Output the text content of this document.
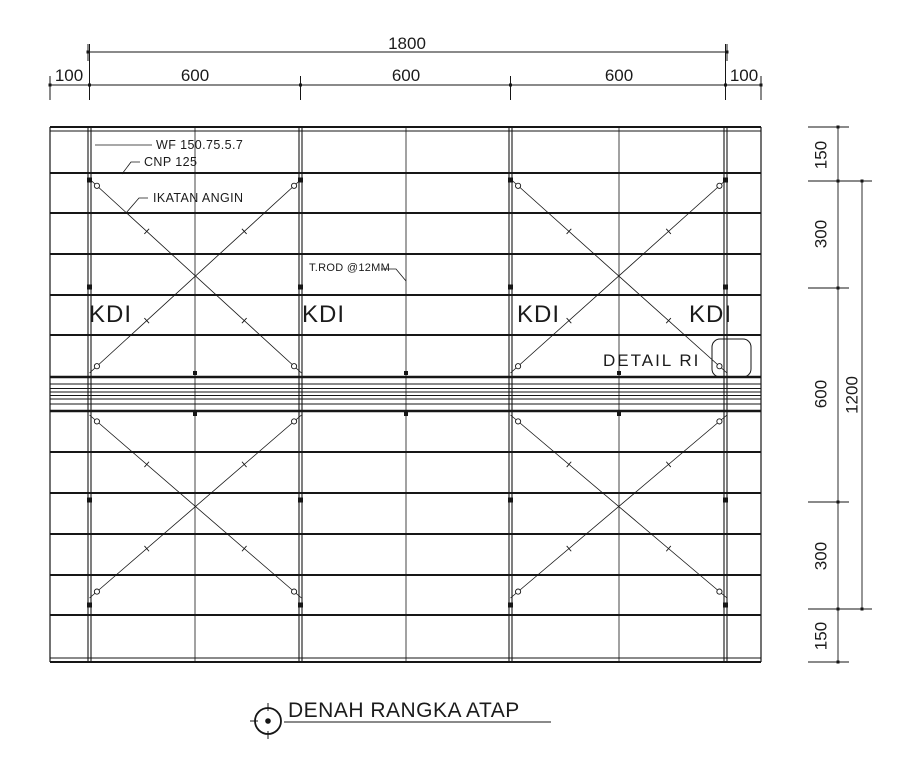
1800
100	600	600	600	100
150
300
600
300
150
1200
WF 150.75.5.7
CNP 125
IKATAN ANGIN
T.ROD @12MM
KDI	KDI	KDI	KDI
DETAIL RI
DENAH RANGKA ATAP
